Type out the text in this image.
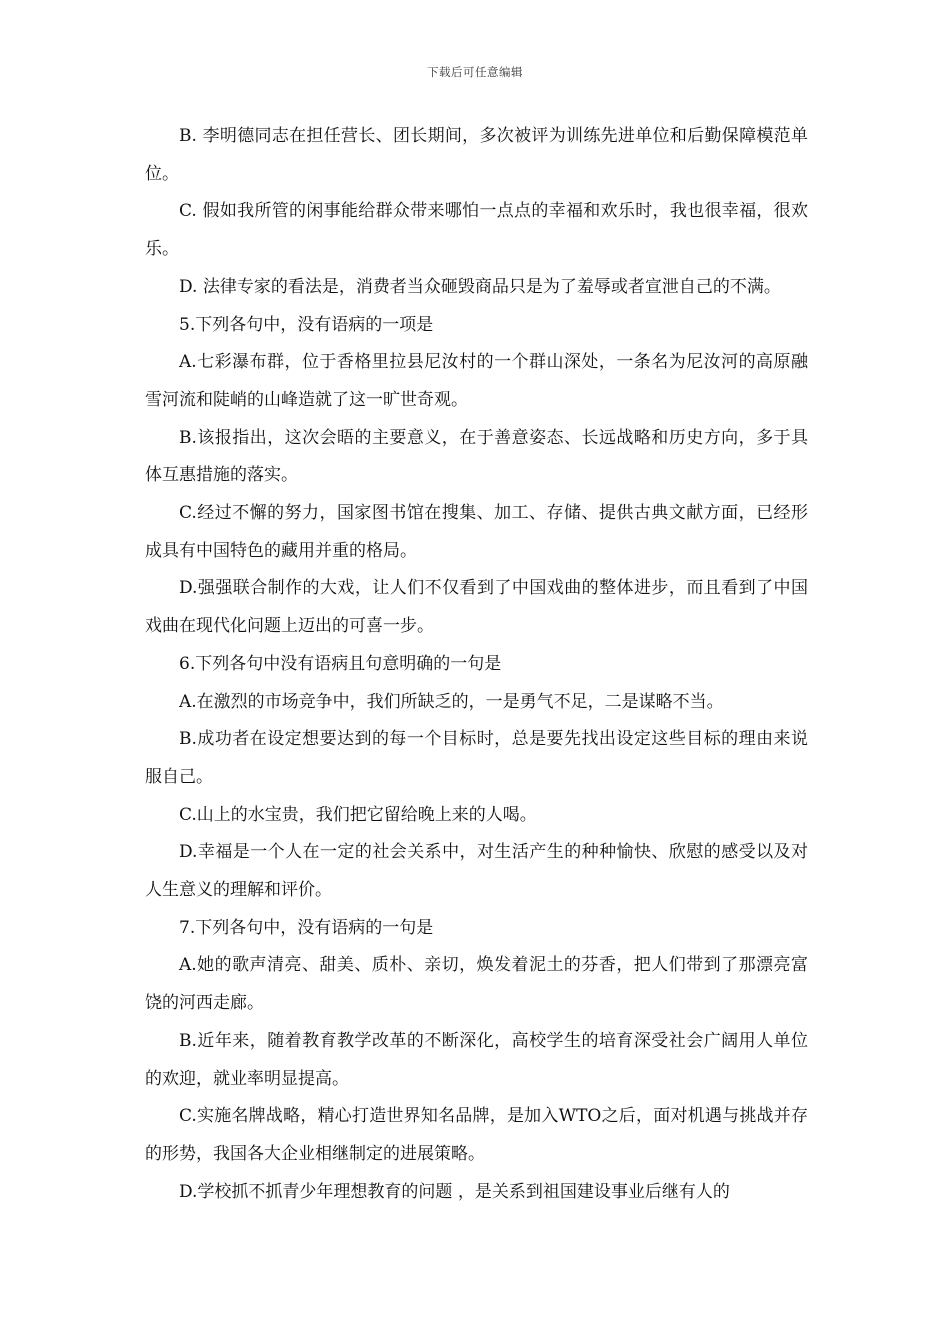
下载后可任意编辑

B. 李明德同志在担任营长、团长期间，多次被评为训练先进单位和后勤保障模范单位。

C. 假如我所管的闲事能给群众带来哪怕一点点的幸福和欢乐时，我也很幸福，很欢乐。

D. 法律专家的看法是，消费者当众砸毁商品只是为了羞辱或者宣泄自己的不满。

5.下列各句中，没有语病的一项是

A.七彩瀑布群，位于香格里拉县尼汝村的一个群山深处，一条名为尼汝河的高原融雪河流和陡峭的山峰造就了这一旷世奇观。

B.该报指出，这次会晤的主要意义，在于善意姿态、长远战略和历史方向，多于具体互惠措施的落实。

C.经过不懈的努力，国家图书馆在搜集、加工、存储、提供古典文献方面，已经形成具有中国特色的藏用并重的格局。

D.强强联合制作的大戏，让人们不仅看到了中国戏曲的整体进步，而且看到了中国戏曲在现代化问题上迈出的可喜一步。

6.下列各句中没有语病且句意明确的一句是

A.在激烈的市场竞争中，我们所缺乏的，一是勇气不足，二是谋略不当。

B.成功者在设定想要达到的每一个目标时，总是要先找出设定这些目标的理由来说服自己。

C.山上的水宝贵，我们把它留给晚上来的人喝。

D.幸福是一个人在一定的社会关系中，对生活产生的种种愉快、欣慰的感受以及对人生意义的理解和评价。

7.下列各句中，没有语病的一句是

A.她的歌声清亮、甜美、质朴、亲切，焕发着泥土的芬香，把人们带到了那漂亮富饶的河西走廊。

B.近年来，随着教育教学改革的不断深化，高校学生的培育深受社会广阔用人单位的欢迎，就业率明显提高。

C.实施名牌战略，精心打造世界知名品牌，是加入WTO之后，面对机遇与挑战并存的形势，我国各大企业相继制定的进展策略。

D.学校抓不抓青少年理想教育的问题 ，是关系到祖国建设事业后继有人的
